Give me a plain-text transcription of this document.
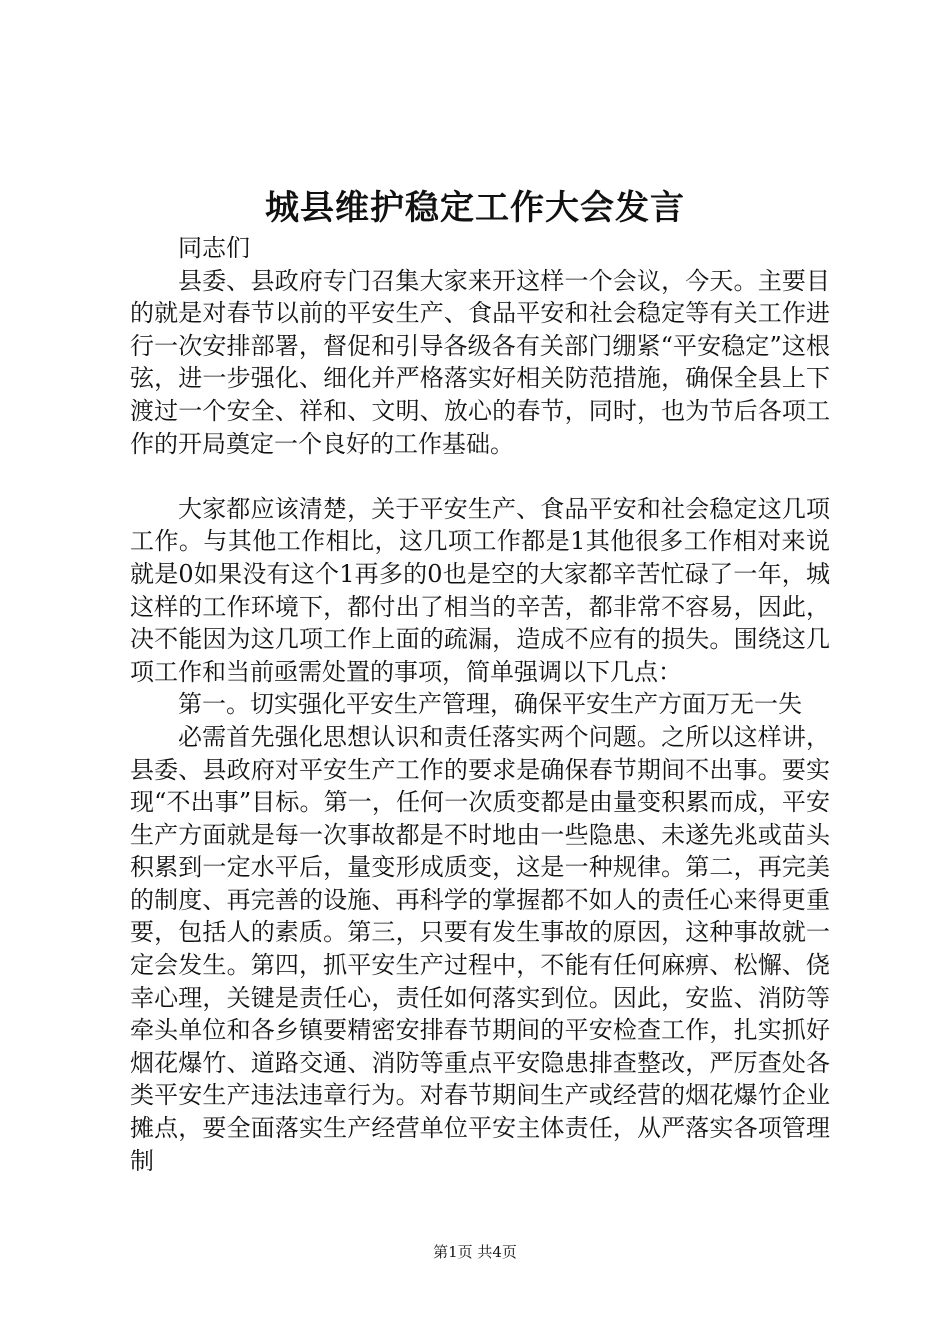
城县维护稳定工作大会发言

同志们

县委、县政府专门召集大家来开这样一个会议，今天。主要目的就是对春节以前的平安生产、食品平安和社会稳定等有关工作进行一次安排部署，督促和引导各级各有关部门绷紧“平安稳定”这根弦，进一步强化、细化并严格落实好相关防范措施，确保全县上下渡过一个安全、祥和、文明、放心的春节，同时，也为节后各项工作的开局奠定一个良好的工作基础。

大家都应该清楚，关于平安生产、食品平安和社会稳定这几项工作。与其他工作相比，这几项工作都是1其他很多工作相对来说就是0如果没有这个1再多的0也是空的大家都辛苦忙碌了一年，城这样的工作环境下，都付出了相当的辛苦，都非常不容易，因此，决不能因为这几项工作上面的疏漏，造成不应有的损失。围绕这几项工作和当前亟需处置的事项，简单强调以下几点：

第一。切实强化平安生产管理，确保平安生产方面万无一失

必需首先强化思想认识和责任落实两个问题。之所以这样讲，县委、县政府对平安生产工作的要求是确保春节期间不出事。要实现“不出事”目标。第一，任何一次质变都是由量变积累而成，平安生产方面就是每一次事故都是不时地由一些隐患、未遂先兆或苗头积累到一定水平后，量变形成质变，这是一种规律。第二，再完美的制度、再完善的设施、再科学的掌握都不如人的责任心来得更重要，包括人的素质。第三，只要有发生事故的原因，这种事故就一定会发生。第四，抓平安生产过程中，不能有任何麻痹、松懈、侥幸心理，关键是责任心，责任如何落实到位。因此，安监、消防等牵头单位和各乡镇要精密安排春节期间的平安检查工作，扎实抓好烟花爆竹、道路交通、消防等重点平安隐患排查整改，严厉查处各类平安生产违法违章行为。对春节期间生产或经营的烟花爆竹企业摊点，要全面落实生产经营单位平安主体责任，从严落实各项管理制

第1页 共4页
